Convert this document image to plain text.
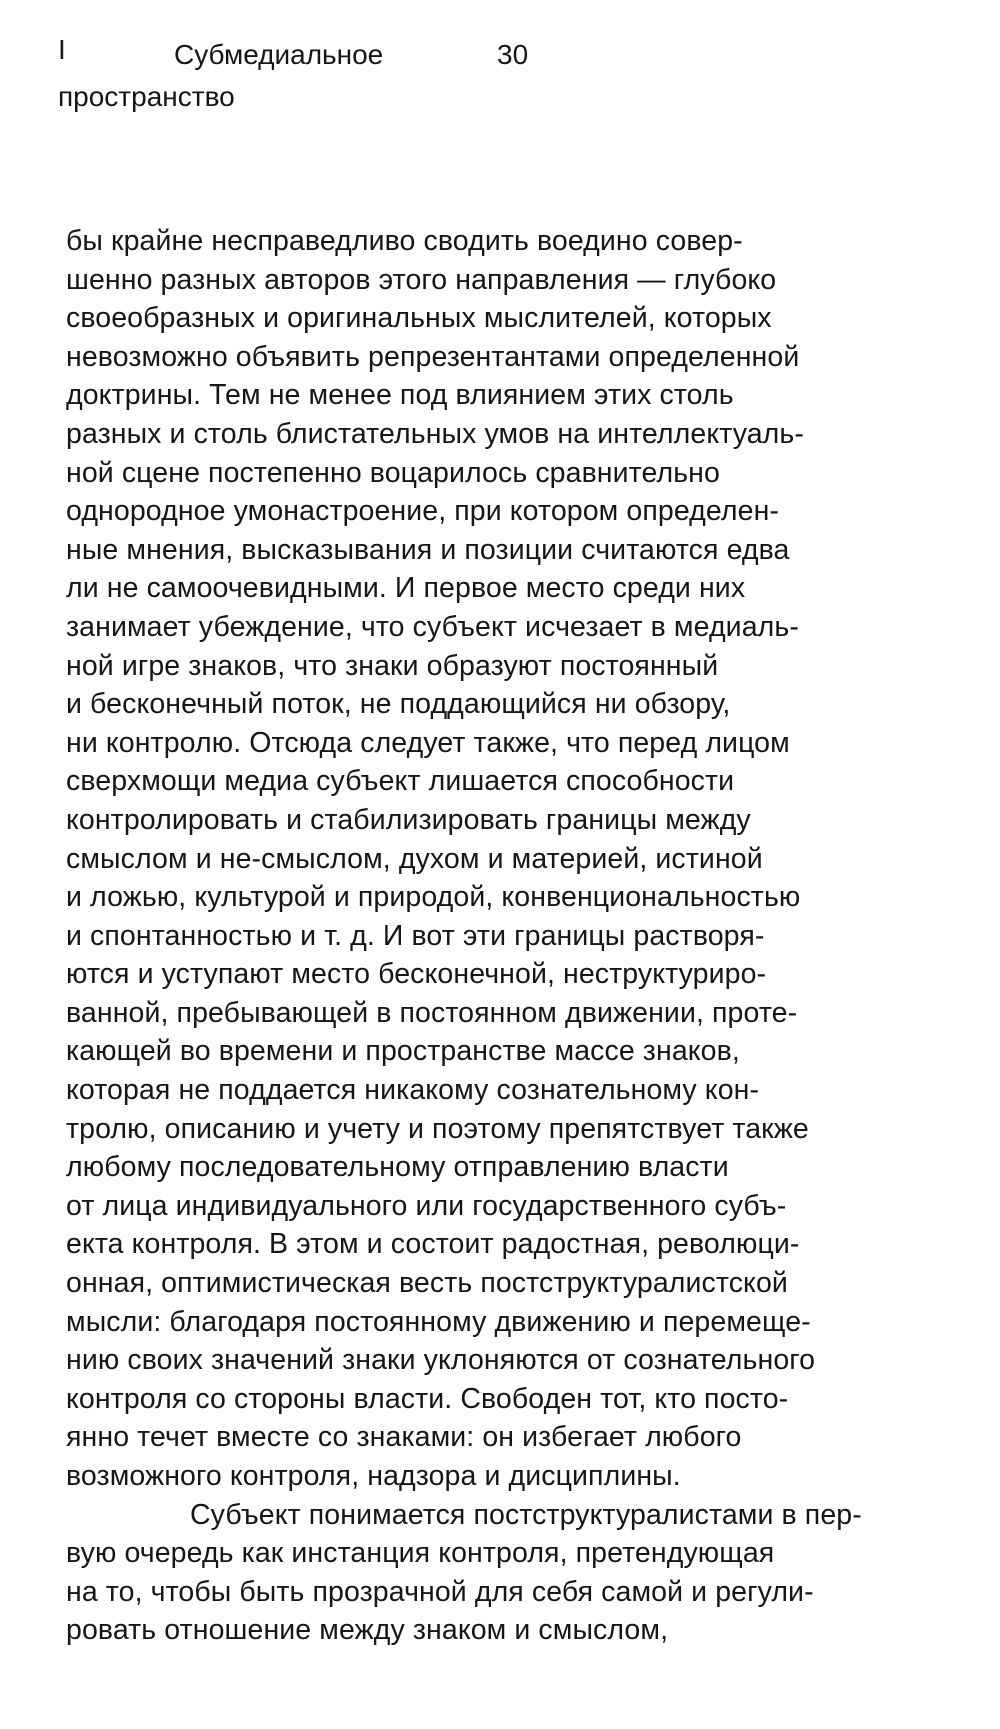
I	Субмедиальное пространство
30
бы крайне несправедливо сводить воедино совер-
шенно разных авторов этого направления — глубоко
своеобразных и оригинальных мыслителей, которых
невозможно объявить репрезентантами определенной
доктрины. Тем не менее под влиянием этих столь
разных и столь блистательных умов на интеллектуаль-
ной сцене постепенно воцарилось сравнительно
однородное умонастроение, при котором определен-
ные мнения, высказывания и позиции считаются едва
ли не самоочевидными. И первое место среди них
занимает убеждение, что субъект исчезает в медиаль-
ной игре знаков, что знаки образуют постоянный
и бесконечный поток, не поддающийся ни обзору,
ни контролю. Отсюда следует также, что перед лицом
сверхмощи медиа субъект лишается способности
контролировать и стабилизировать границы между
смыслом и не-смыслом, духом и материей, истиной
и ложью, культурой и природой, конвенциональностью
и спонтанностью и т. д. И вот эти границы растворя-
ются и уступают место бесконечной, неструктуриро-
ванной, пребывающей в постоянном движении, проте-
кающей во времени и пространстве массе знаков,
которая не поддается никакому сознательному кон-
тролю, описанию и учету и поэтому препятствует также
любому последовательному отправлению власти
от лица индивидуального или государственного субъ-
екта контроля. В этом и состоит радостная, революци-
онная, оптимистическая весть постструктуралистской
мысли: благодаря постоянному движению и перемеще-
нию своих значений знаки уклоняются от сознательного
контроля со стороны власти. Свободен тот, кто посто-
янно течет вместе со знаками: он избегает любого
возможного контроля, надзора и дисциплины.
Субъект понимается постструктуралистами в пер-
вую очередь как инстанция контроля, претендующая
на то, чтобы быть прозрачной для себя самой и регули-
ровать отношение между знаком и смыслом,
